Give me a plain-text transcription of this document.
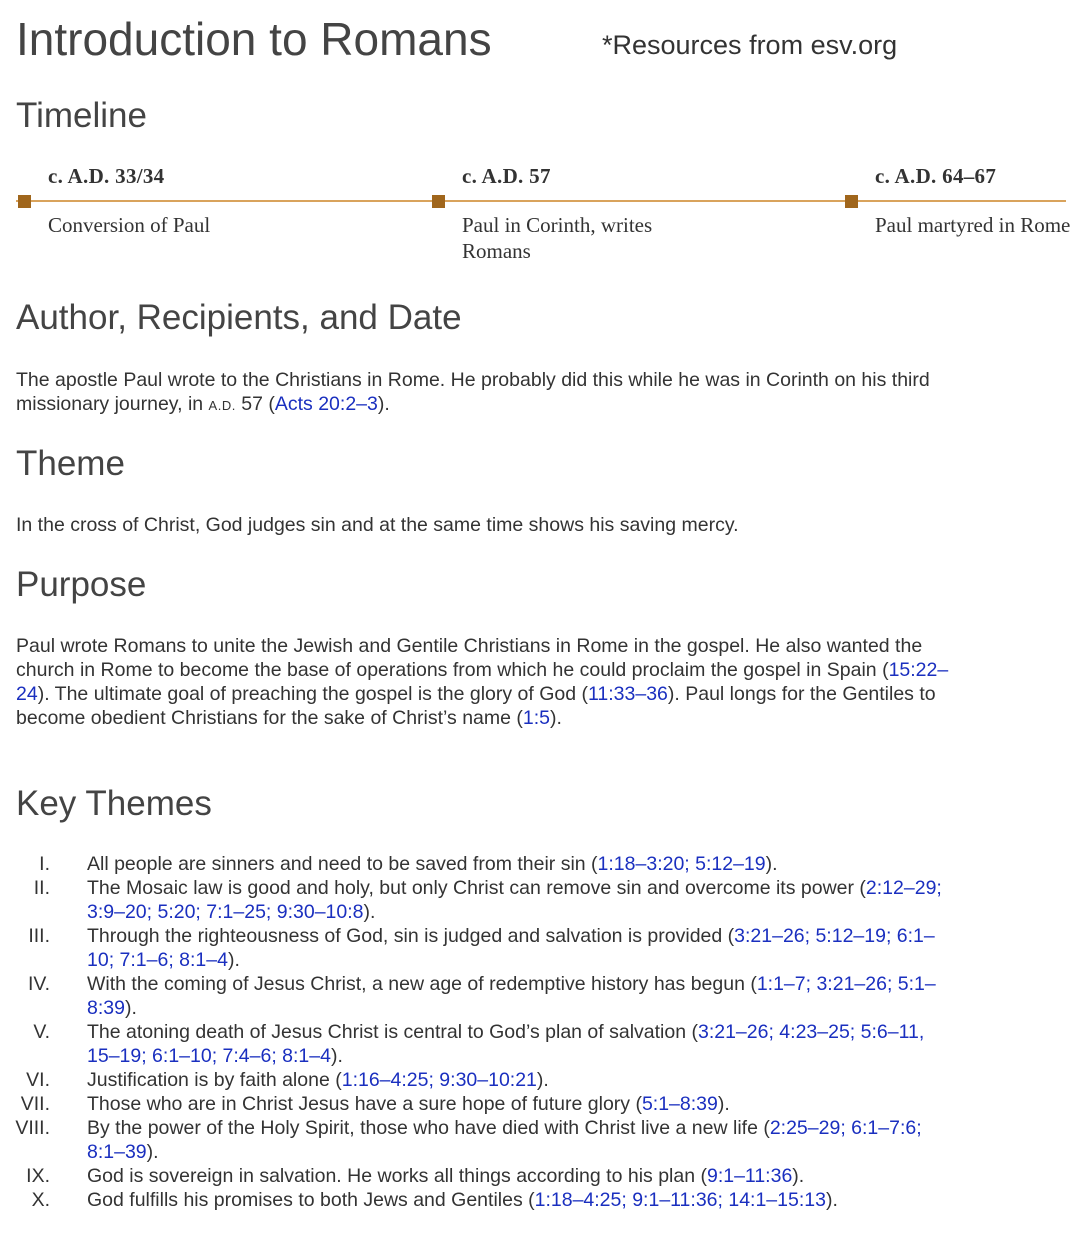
Introduction to Romans	*Resources from esv.org
Timeline
c. A.D. 33/34
Conversion of Paul
c. A.D. 57
Paul in Corinth, writes Romans
c. A.D. 64–67
Paul martyred in Rome
Author, Recipients, and Date

The apostle Paul wrote to the Christians in Rome. He probably did this while he was in Corinth on his third missionary journey, in A.D. 57 (Acts 20:2–3).

Theme

In the cross of Christ, God judges sin and at the same time shows his saving mercy.

Purpose

Paul wrote Romans to unite the Jewish and Gentile Christians in Rome in the gospel. He also wanted the church in Rome to become the base of operations from which he could proclaim the gospel in Spain (15:22–24). The ultimate goal of preaching the gospel is the glory of God (11:33–36). Paul longs for the Gentiles to become obedient Christians for the sake of Christ’s name (1:5).

Key Themes
I. All people are sinners and need to be saved from their sin (1:18–3:20; 5:12–19).
II. The Mosaic law is good and holy, but only Christ can remove sin and overcome its power (2:12–29; 3:9–20; 5:20; 7:1–25; 9:30–10:8).
III. Through the righteousness of God, sin is judged and salvation is provided (3:21–26; 5:12–19; 6:1–10; 7:1–6; 8:1–4).
IV. With the coming of Jesus Christ, a new age of redemptive history has begun (1:1–7; 3:21–26; 5:1–8:39).
V. The atoning death of Jesus Christ is central to God’s plan of salvation (3:21–26; 4:23–25; 5:6–11, 15–19; 6:1–10; 7:4–6; 8:1–4).
VI. Justification is by faith alone (1:16–4:25; 9:30–10:21).
VII. Those who are in Christ Jesus have a sure hope of future glory (5:1–8:39).
VIII. By the power of the Holy Spirit, those who have died with Christ live a new life (2:25–29; 6:1–7:6; 8:1–39).
IX. God is sovereign in salvation. He works all things according to his plan (9:1–11:36).
X. God fulfills his promises to both Jews and Gentiles (1:18–4:25; 9:1–11:36; 14:1–15:13).
